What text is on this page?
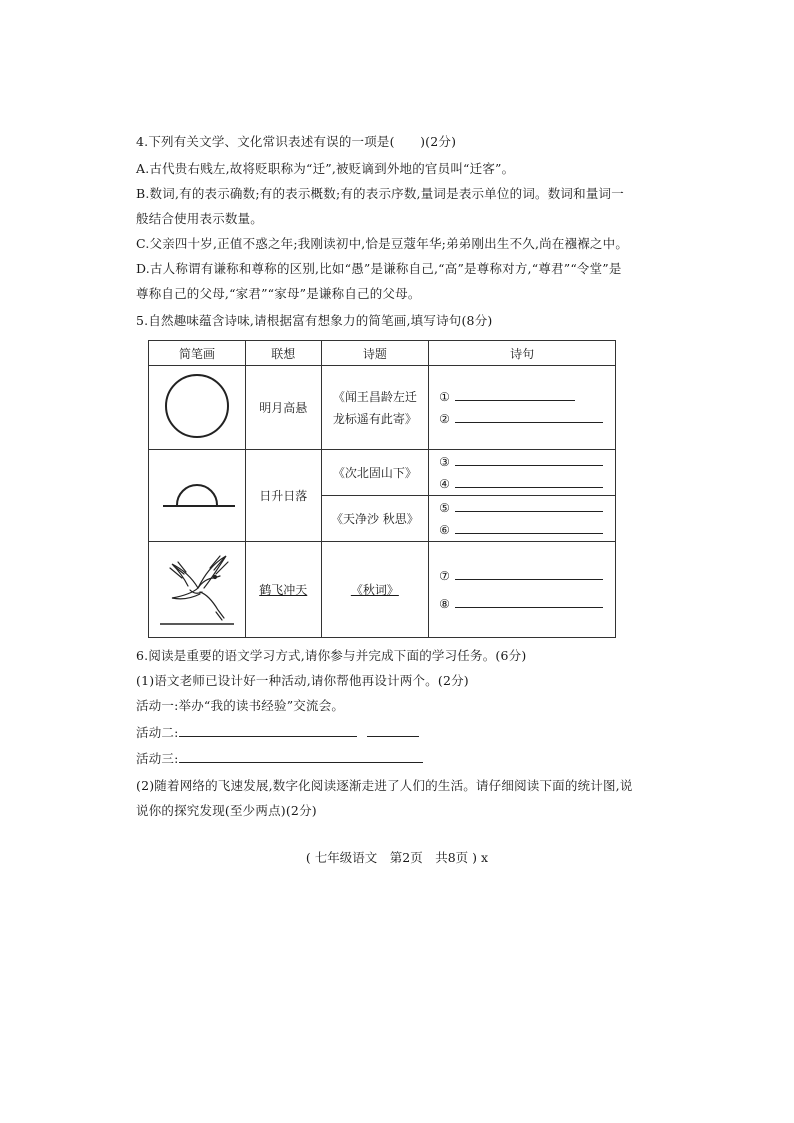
4.下列有关文学、文化常识表述有误的一项是(　　)(2分)
A.古代贵右贱左,故将贬职称为“迁”,被贬谪到外地的官员叫“迁客”。
B.数词,有的表示确数;有的表示概数;有的表示序数,量词是表示单位的词。数词和量词一
般结合使用表示数量。
C.父亲四十岁,正值不惑之年;我刚读初中,恰是豆蔻年华;弟弟刚出生不久,尚在襁褓之中。
D.古人称谓有谦称和尊称的区别,比如“愚”是谦称自己,“高”是尊称对方,“尊君”“令堂”是
尊称自己的父母,“家君”“家母”是谦称自己的父母。
5.自然趣味蕴含诗味,请根据富有想象力的简笔画,填写诗句(8分)
简笔画	联想	诗题	诗句
	明月高悬	《闻王昌龄左迁龙标遥有此寄》	①
②

	日升日落	《次北固山下》	③
④

		《天净沙 秋思》	⑤
⑥

	鹤飞冲天	《秋词》	⑦
⑧
6.阅读是重要的语文学习方式,请你参与并完成下面的学习任务。(6分)
(1)语文老师已设计好一种活动,请你帮他再设计两个。(2分)
活动一:举办“我的读书经验”交流会。
活动二:
活动三:
(2)随着网络的飞速发展,数字化阅读逐渐走进了人们的生活。请仔细阅读下面的统计图,说
说你的探究发现(至少两点)(2分)
( 七年级语文　第2页　共8页 ) x
